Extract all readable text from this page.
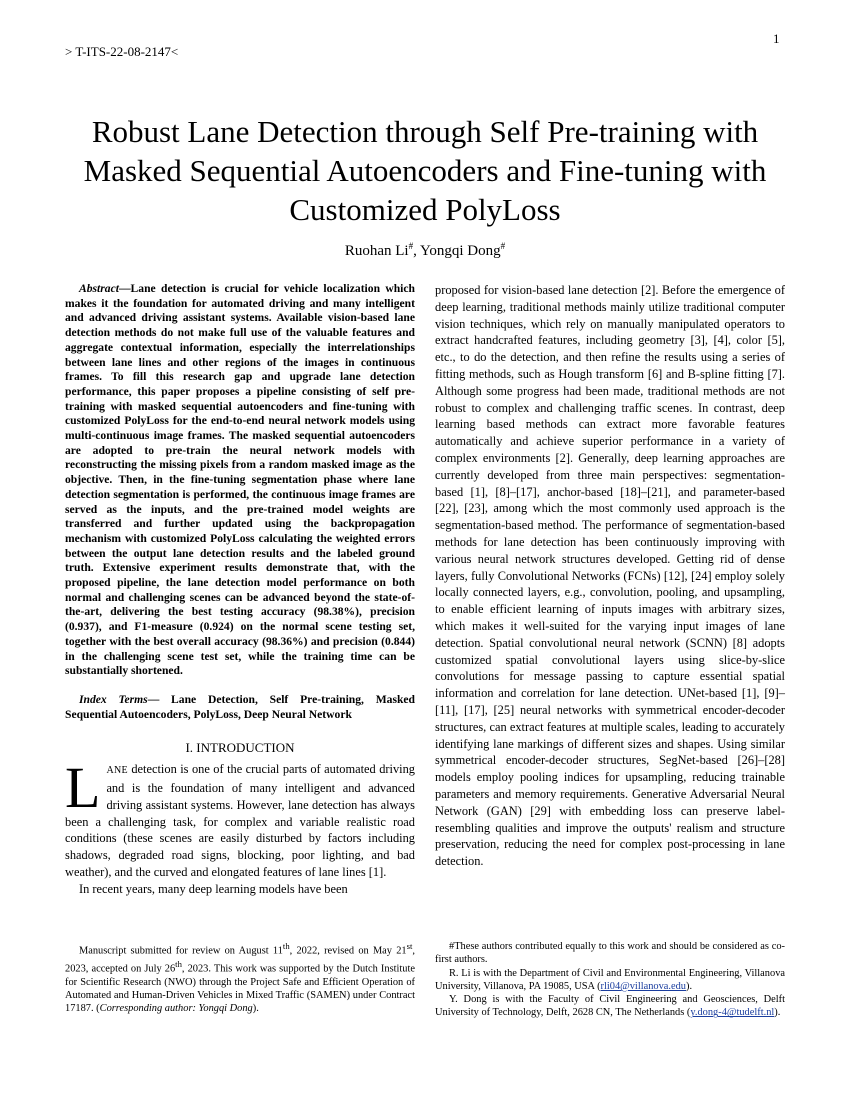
> T-ITS-22-08-2147<
1
Robust Lane Detection through Self Pre-training with Masked Sequential Autoencoders and Fine-tuning with Customized PolyLoss
Ruohan Li#, Yongqi Dong#

Abstract—Lane detection is crucial for vehicle localization which makes it the foundation for automated driving and many intelligent and advanced driving assistant systems. Available vision-based lane detection methods do not make full use of the valuable features and aggregate contextual information, especially the interrelationships between lane lines and other regions of the images in continuous frames. To fill this research gap and upgrade lane detection performance, this paper proposes a pipeline consisting of self pre-training with masked sequential autoencoders and fine-tuning with customized PolyLoss for the end-to-end neural network models using multi-continuous image frames. The masked sequential autoencoders are adopted to pre-train the neural network models with reconstructing the missing pixels from a random masked image as the objective. Then, in the fine-tuning segmentation phase where lane detection segmentation is performed, the continuous image frames are served as the inputs, and the pre-trained model weights are transferred and further updated using the backpropagation mechanism with customized PolyLoss calculating the weighted errors between the output lane detection results and the labeled ground truth. Extensive experiment results demonstrate that, with the proposed pipeline, the lane detection model performance on both normal and challenging scenes can be advanced beyond the state-of-the-art, delivering the best testing accuracy (98.38%), precision (0.937), and F1-measure (0.924) on the normal scene testing set, together with the best overall accuracy (98.36%) and precision (0.844) in the challenging scene test set, while the training time can be substantially shortened.

Index Terms— Lane Detection, Self Pre-training, Masked Sequential Autoencoders, PolyLoss, Deep Neural Network

I. INTRODUCTION

LANE detection is one of the crucial parts of automated driving and is the foundation of many intelligent and advanced driving assistant systems. However, lane detection has always been a challenging task, for complex and variable realistic road conditions (these scenes are easily disturbed by factors including shadows, degraded road signs, blocking, poor lighting, and bad weather), and the curved and elongated features of lane lines [1].

In recent years, many deep learning models have been

proposed for vision-based lane detection [2]. Before the emergence of deep learning, traditional methods mainly utilize traditional computer vision techniques, which rely on manually manipulated operators to extract handcrafted features, including geometry [3], [4], color [5], etc., to do the detection, and then refine the results using a series of fitting methods, such as Hough transform [6] and B-spline fitting [7]. Although some progress had been made, traditional methods are not robust to complex and challenging traffic scenes. In contrast, deep learning based methods can extract more favorable features automatically and achieve superior performance in a variety of complex environments [2]. Generally, deep learning approaches are currently developed from three main perspectives: segmentation-based [1], [8]–[17], anchor-based [18]–[21], and parameter-based [22], [23], among which the most commonly used approach is the segmentation-based method. The performance of segmentation-based methods for lane detection has been continuously improving with various neural network structures developed. Getting rid of dense layers, fully Convolutional Networks (FCNs) [12], [24] employ solely locally connected layers, e.g., convolution, pooling, and upsampling, to enable efficient learning of inputs images with arbitrary sizes, which makes it well-suited for the varying input images of lane detection. Spatial convolutional neural network (SCNN) [8] adopts customized spatial convolutional layers using slice-by-slice convolutions for message passing to capture essential spatial information and correlation for lane detection. UNet-based [1], [9]–[11], [17], [25] neural networks with symmetrical encoder-decoder structures, can extract features at multiple scales, leading to accurately identifying lane markings of different sizes and shapes. Using similar symmetrical encoder-decoder structures, SegNet-based [26]–[28] models employ pooling indices for upsampling, reducing trainable parameters and memory requirements. Generative Adversarial Neural Network (GAN) [29] with embedding loss can preserve label-resembling qualities and improve the outputs' realism and structure preservation, reducing the need for complex post-processing in lane detection.

Manuscript submitted for review on August 11th, 2022, revised on May 21st, 2023, accepted on July 26th, 2023. This work was supported by the Dutch Institute for Scientific Research (NWO) through the Project Safe and Efficient Operation of Automated and Human-Driven Vehicles in Mixed Traffic (SAMEN) under Contract 17187. (Corresponding author: Yongqi Dong).

#These authors contributed equally to this work and should be considered as co-first authors.

R. Li is with the Department of Civil and Environmental Engineering, Villanova University, Villanova, PA 19085, USA (rli04@villanova.edu).

Y. Dong is with the Faculty of Civil Engineering and Geosciences, Delft University of Technology, Delft, 2628 CN, The Netherlands (y.dong-4@tudelft.nl).
